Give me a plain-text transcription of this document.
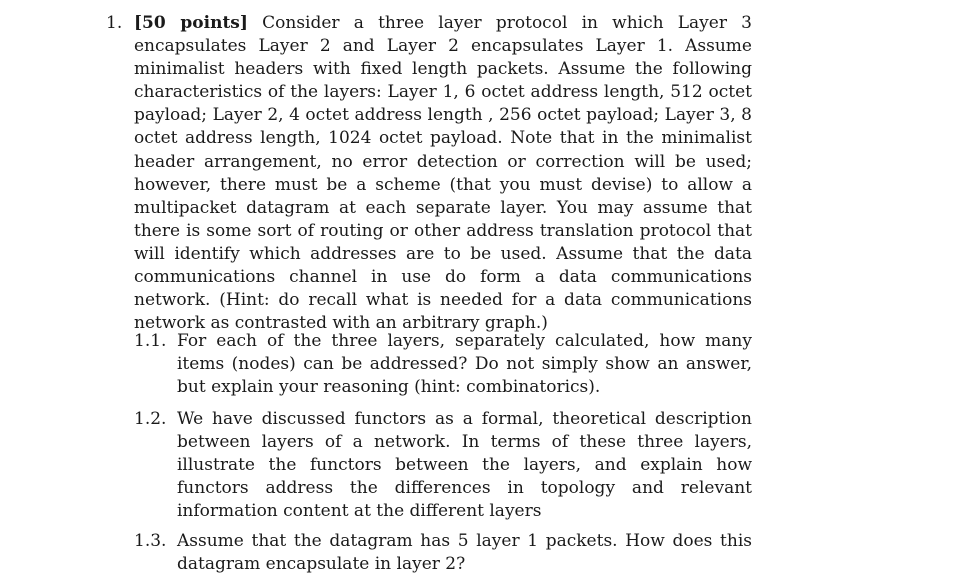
1. [50 points] Consider a three layer protocol in which Layer 3 encapsulates Layer 2 and Layer 2 encapsulates Layer 1. Assume minimalist headers with fixed length packets. Assume the following characteristics of the layers: Layer 1, 6 octet address length, 512 octet payload; Layer 2, 4 octet address length , 256 octet payload; Layer 3, 8 octet address length, 1024 octet payload. Note that in the minimalist header arrangement, no error detection or correction will be used; however, there must be a scheme (that you must devise) to allow a multipacket datagram at each separate layer. You may assume that there is some sort of routing or other address translation protocol that will identify which addresses are to be used. Assume that the data communications channel in use do form a data communications network. (Hint: do recall what is needed for a data communications network as contrasted with an arbitrary graph.)
1.1. For each of the three layers, separately calculated, how many items (nodes) can be addressed? Do not simply show an answer, but explain your reasoning (hint: combinatorics).
1.2. We have discussed functors as a formal, theoretical description between layers of a network. In terms of these three layers, illustrate the functors between the layers, and explain how functors address the differences in topology and relevant information content at the different layers
1.3. Assume that the datagram has 5 layer 1 packets. How does this datagram encapsulate in layer 2?
